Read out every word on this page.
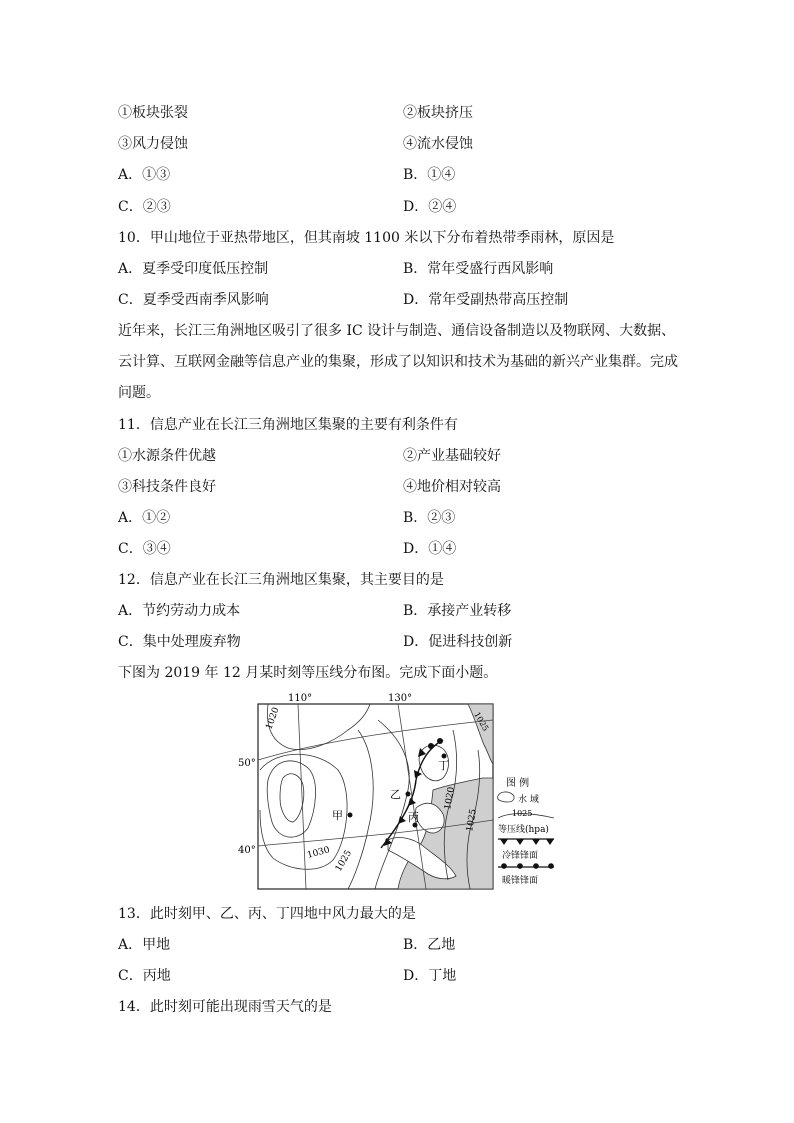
①板块张裂	②板块挤压
③风力侵蚀	④流水侵蚀
A．①③	B．①④
C．②③	D．②④
10．甲山地位于亚热带地区，但其南坡 1100 米以下分布着热带季雨林，原因是
A．夏季受印度低压控制	B．常年受盛行西风影响
C．夏季受西南季风影响	D．常年受副热带高压控制
近年来，长江三角洲地区吸引了很多 IC 设计与制造、通信设备制造以及物联网、大数据、
云计算、互联网金融等信息产业的集聚，形成了以知识和技术为基础的新兴产业集群。完成
问题。
11．信息产业在长江三角洲地区集聚的主要有利条件有
①水源条件优越	②产业基础较好
③科技条件良好	④地价相对较高
A．①②	B．②③
C．③④	D．①④
12．信息产业在长江三角洲地区集聚，其主要目的是
A．节约劳动力成本	B．承接产业转移
C．集中处理废弃物	D．促进科技创新
下图为 2019 年 12 月某时刻等压线分布图。完成下面小题。
110°	130°
50°
40°
1020
1030 1025
1020
1025
1025
甲
乙
丙
丁
图 例
水 域
1025
等压线(hpa)
冷锋锋面
暖锋锋面
13．此时刻甲、乙、丙、丁四地中风力最大的是
A．甲地	B．乙地
C．丙地	D．丁地
14．此时刻可能出现雨雪天气的是
